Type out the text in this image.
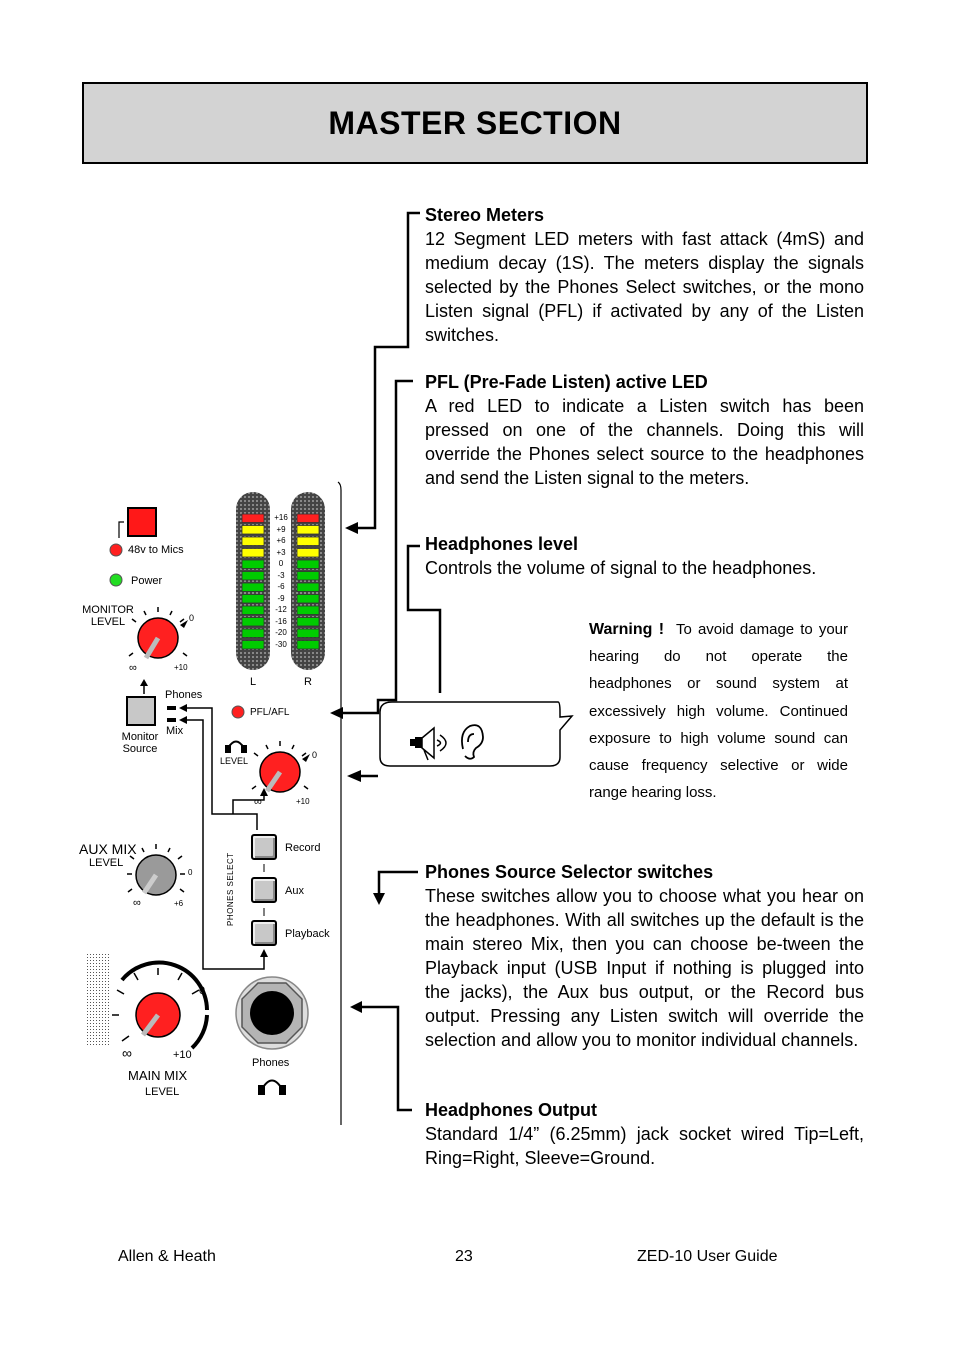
MASTER SECTION
Stereo Meters

12 Segment LED meters with fast attack (4mS) and medium decay (1S). The meters display the signals selected by the Phones Select switches, or the mono Listen signal (PFL) if activated by any of the Listen switches.

PFL (Pre-Fade Listen) active LED

A red LED to indicate a Listen switch has been pressed on one of the channels. Doing this will override the Phones select source to the headphones and send the Listen signal to the meters.

Headphones level

Controls the volume of signal to the headphones.

Phones Source Selector switches

These switches allow you to choose what you hear on the headphones. With all switches up the default is the main stereo Mix, then you can choose be-tween the Playback input (USB Input if nothing is plugged into the jacks), the Aux bus output, or the Record bus output. Pressing any Listen switch will override the selection and allow you to monitor individual channels.

Headphones Output

Standard 1/4” (6.25mm) jack socket wired Tip=Left, Ring=Right, Sleeve=Ground.

Warning ! To avoid damage to your hearing do not operate the headphones or sound system at excessively high volume. Continued exposure to high volume sound can cause frequency selective or wide range hearing loss.
48v to Mics
Power
MONITOR
LEVEL	0
∞	+10
Phones
Mix
Monitor
Source
+16
+9
+6
+3
0
-3
-6
-9
-12
-16
-20
-30
L	R
PFL/AFL
LEVEL
0
∞	+10
AUX MIX
LEVEL
0
∞	+6	PHONES SELECT
Record
Aux
Playback
0
∞	+10
MAIN MIX
LEVEL
Phones
Allen & Heath	23	ZED-10 User Guide
